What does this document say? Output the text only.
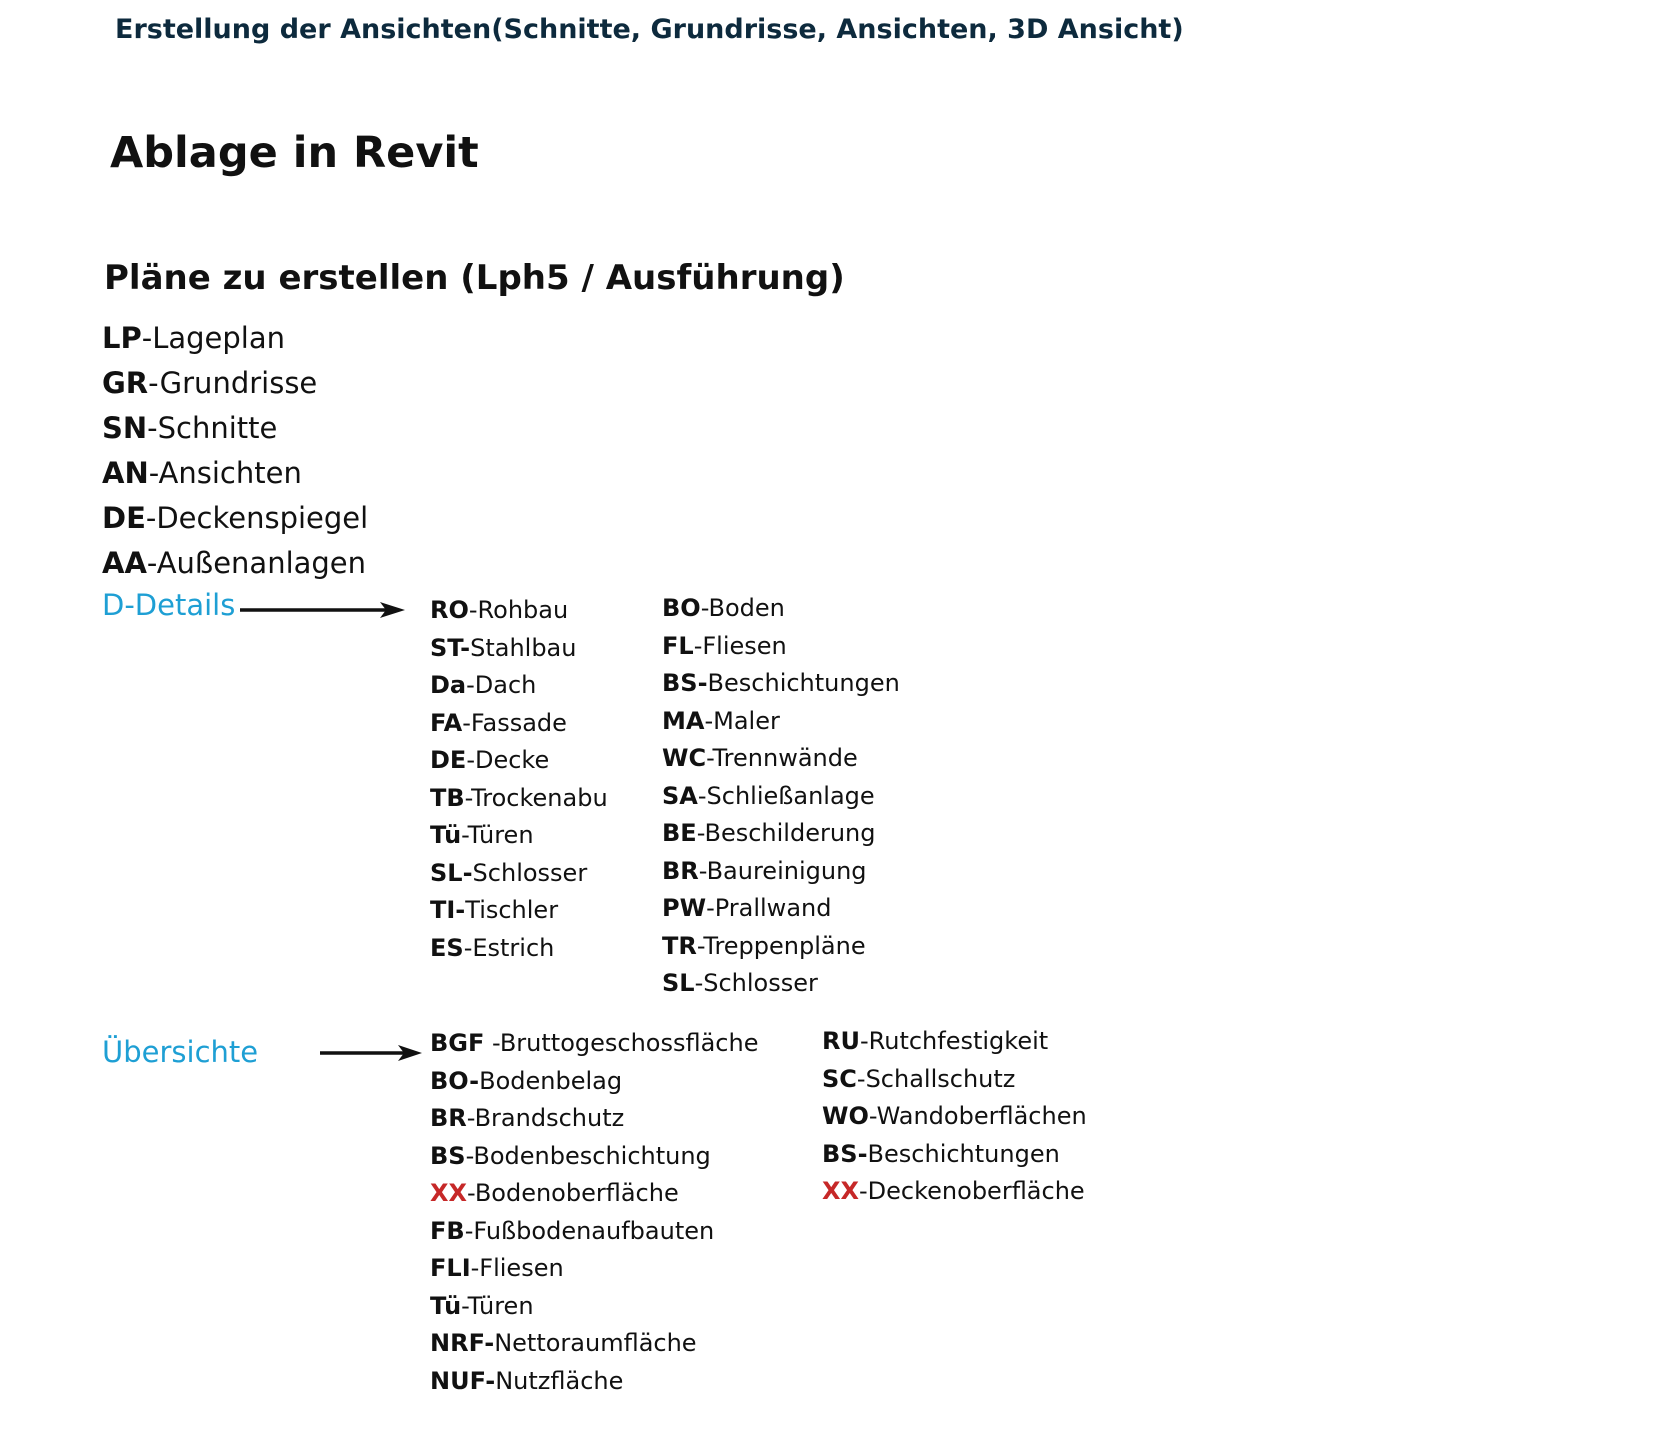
Erstellung der Ansichten(Schnitte, Grundrisse, Ansichten, 3D Ansicht)
Ablage in Revit
Pläne zu erstellen (Lph5 / Ausführung)
LP-Lageplan
GR-Grundrisse
SN-Schnitte
AN-Ansichten
DE-Deckenspiegel
AA-Außenanlagen
D-Details	RO-Rohbau
ST-Stahlbau
Da-Dach
FA-Fassade
DE-Decke
TB-Trockenabu
Tü-Türen
SL-Schlosser
TI-Tischler
ES-Estrich
BO-Boden
FL-Fliesen
BS-Beschichtungen
MA-Maler
WC-Trennwände
SA-Schließanlage
BE-Beschilderung
BR-Baureinigung
PW-Prallwand
TR-Treppenpläne
SL-Schlosser
Übersichte	BGF -Bruttogeschossfläche
BO-Bodenbelag
BR-Brandschutz
BS-Bodenbeschichtung
XX-Bodenoberfläche
FB-Fußbodenaufbauten
FLI-Fliesen
Tü-Türen
NRF-Nettoraumfläche
NUF-Nutzfläche
RU-Rutchfestigkeit
SC-Schallschutz
WO-Wandoberflächen
BS-Beschichtungen
XX-Deckenoberfläche
